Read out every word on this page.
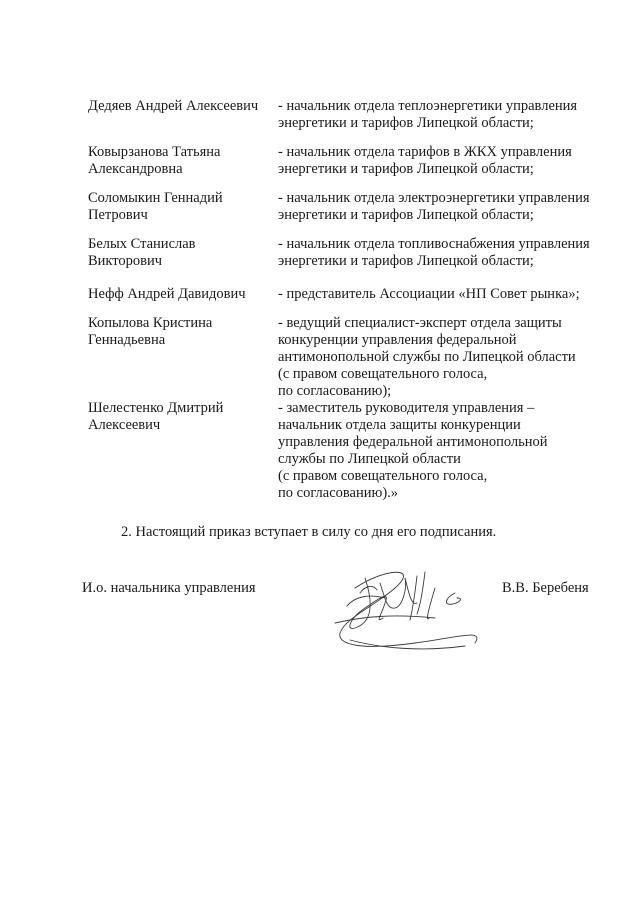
Дедяев Андрей Алексеевич	- начальник отдела теплоэнергетики управления
энергетики и тарифов Липецкой области;
Ковырзанова Татьяна Александровна
- начальник отдела тарифов в ЖКХ управления
энергетики и тарифов Липецкой области;
Соломыкин Геннадий Петрович
- начальник отдела электроэнергетики управления
энергетики и тарифов Липецкой области;
Белых Станислав Викторович
- начальник отдела топливоснабжения управления
энергетики и тарифов Липецкой области;
Нефф Андрей Давидович	- представитель Ассоциации «НП Совет рынка»;
Копылова Кристина Геннадьевна
- ведущий специалист-эксперт отдела защиты
конкуренции управления федеральной
антимонопольной службы по Липецкой области
(с правом совещательного голоса,
по согласованию);
Шелестенко Дмитрий Алексеевич
- заместитель руководителя управления –
начальник отдела защиты конкуренции
управления федеральной антимонопольной
службы по Липецкой области
(с правом совещательного голоса,
по согласованию).»
2. Настоящий приказ вступает в силу со дня его подписания.
И.о. начальника управления	В.В. Беребеня
